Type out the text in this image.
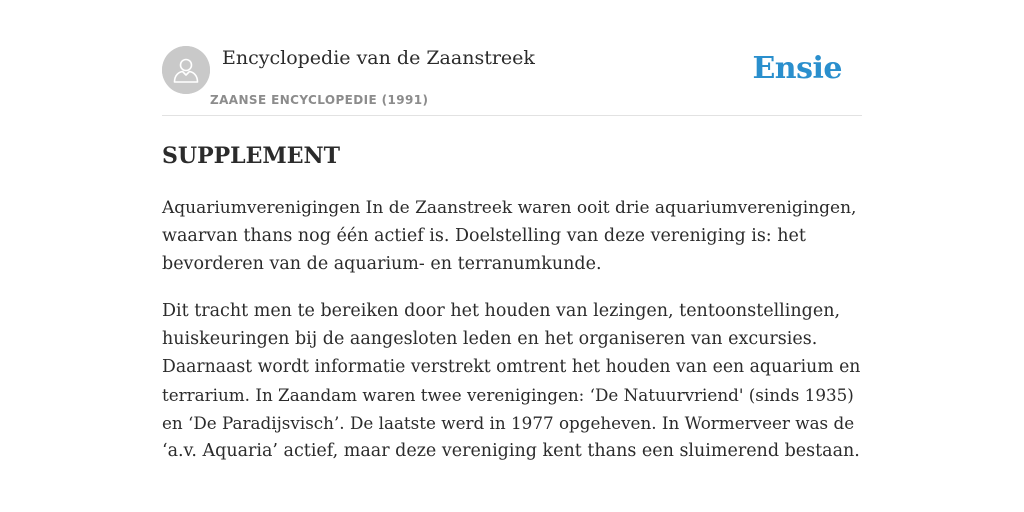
Encyclopedie van de Zaanstreek
ZAANSE ENCYCLOPEDIE (1991)
Ensie
SUPPLEMENT

Aquariumverenigingen In de Zaanstreek waren ooit drie aquariumverenigingen,
waarvan thans nog één actief is. Doelstelling van deze vereniging is: het
bevorderen van de aquarium- en terranumkunde.

Dit tracht men te bereiken door het houden van lezingen, tentoonstellingen,
huiskeuringen bij de aangesloten leden en het organiseren van excursies.
Daarnaast wordt informatie verstrekt omtrent het houden van een aquarium en
terrarium. In Zaandam waren twee verenigingen: ‘De Natuurvriend' (sinds 1935)
en ‘De Paradijsvisch’. De laatste werd in 1977 opgeheven. In Wormerveer was de
‘a.v. Aquaria’ actief, maar deze vereniging kent thans een sluimerend bestaan.
